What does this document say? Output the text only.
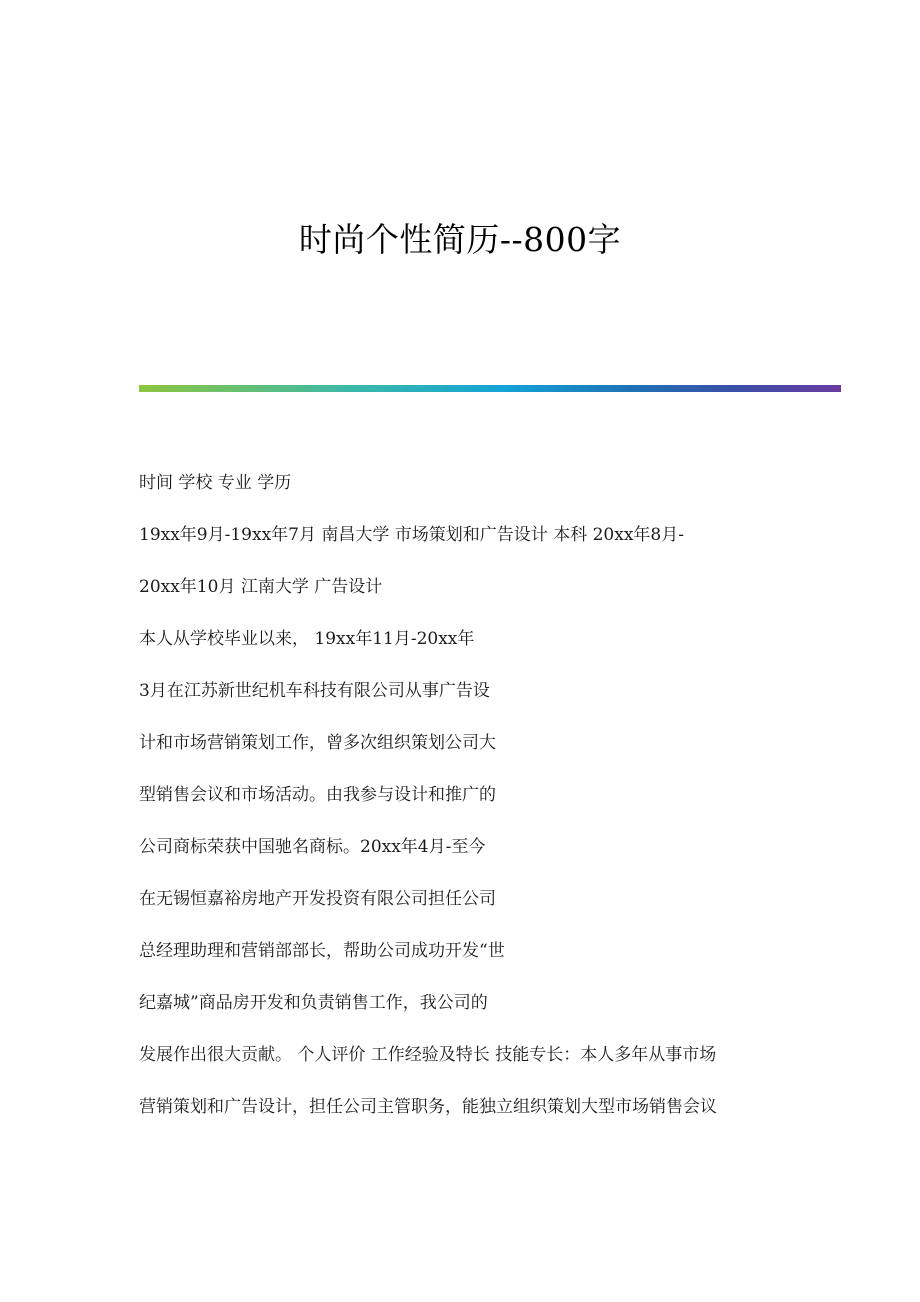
时尚个性简历--800字
时间 学校 专业 学历
19xx年9月-19xx年7月 南昌大学 市场策划和广告设计 本科 20xx年8月-
20xx年10月 江南大学 广告设计
本人从学校毕业以来， 19xx年11月-20xx年
3月在江苏新世纪机车科技有限公司从事广告设
计和市场营销策划工作，曾多次组织策划公司大
型销售会议和市场活动。由我参与设计和推广的
公司商标荣获中国驰名商标。20xx年4月-至今
在无锡恒嘉裕房地产开发投资有限公司担任公司
总经理助理和营销部部长，帮助公司成功开发“世
纪嘉城”商品房开发和负责销售工作，我公司的
发展作出很大贡献。 个人评价 工作经验及特长 技能专长：本人多年从事市场
营销策划和广告设计，担任公司主管职务，能独立组织策划大型市场销售会议
